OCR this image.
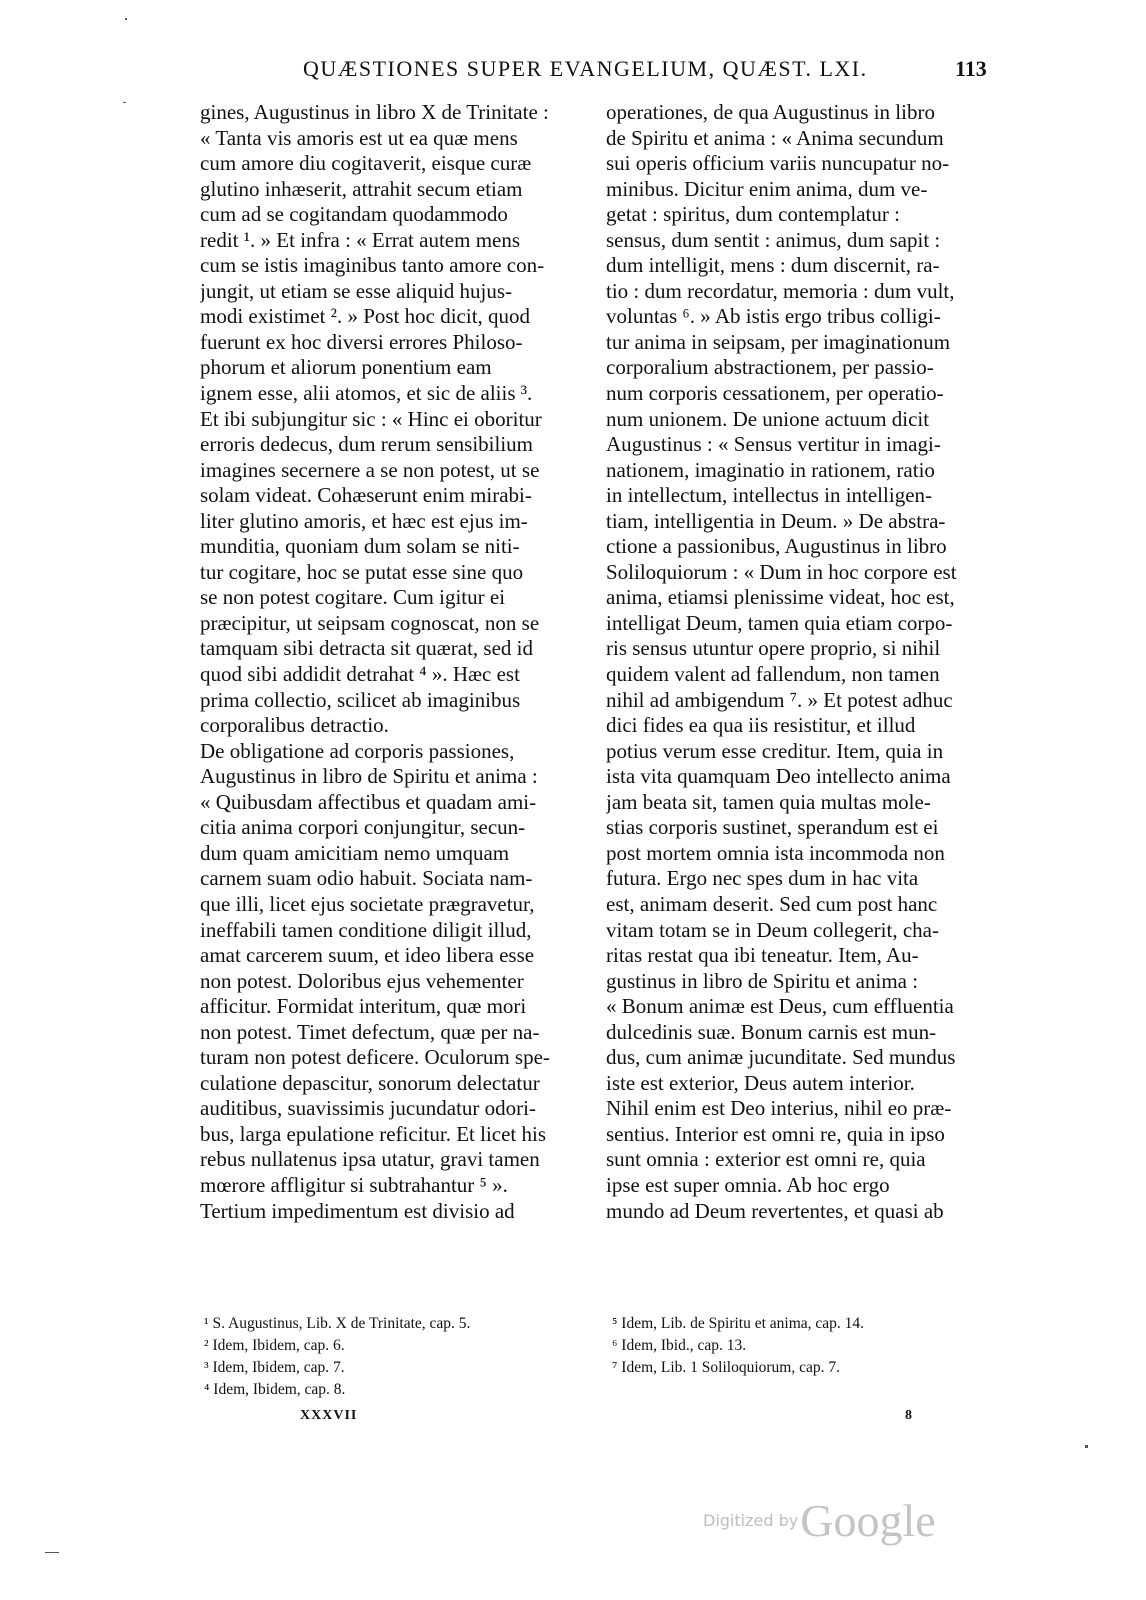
QUÆSTIONES SUPER EVANGELIUM, QUÆST. LXI.	113
gines, Augustinus in libro X de Trinitate :
« Tanta vis amoris est ut ea quæ mens
cum amore diu cogitaverit, eisque curæ
glutino inhæserit, attrahit secum etiam
cum ad se cogitandam quodammodo
redit ¹. » Et infra : « Errat autem mens
cum se istis imaginibus tanto amore con-
jungit, ut etiam se esse aliquid hujus-
modi existimet ². » Post hoc dicit, quod
fuerunt ex hoc diversi errores Philoso-
phorum et aliorum ponentium eam
ignem esse, alii atomos, et sic de aliis ³.
Et ibi subjungitur sic : « Hinc ei oboritur
erroris dedecus, dum rerum sensibilium
imagines secernere a se non potest, ut se
solam videat. Cohæserunt enim mirabi-
liter glutino amoris, et hæc est ejus im-
munditia, quoniam dum solam se niti-
tur cogitare, hoc se putat esse sine quo
se non potest cogitare. Cum igitur ei
præcipitur, ut seipsam cognoscat, non se
tamquam sibi detracta sit quærat, sed id
quod sibi addidit detrahat ⁴ ». Hæc est
prima collectio, scilicet ab imaginibus
corporalibus detractio.
De obligatione ad corporis passiones,
Augustinus in libro de Spiritu et anima :
« Quibusdam affectibus et quadam ami-
citia anima corpori conjungitur, secun-
dum quam amicitiam nemo umquam
carnem suam odio habuit. Sociata nam-
que illi, licet ejus societate prægravetur,
ineffabili tamen conditione diligit illud,
amat carcerem suum, et ideo libera esse
non potest. Doloribus ejus vehementer
afficitur. Formidat interitum, quæ mori
non potest. Timet defectum, quæ per na-
turam non potest deficere. Oculorum spe-
culatione depascitur, sonorum delectatur
auditibus, suavissimis jucundatur odori-
bus, larga epulatione reficitur. Et licet his
rebus nullatenus ipsa utatur, gravi tamen
mœrore affligitur si subtrahantur ⁵ ».
Tertium impedimentum est divisio ad
operationes, de qua Augustinus in libro
de Spiritu et anima : « Anima secundum
sui operis officium variis nuncupatur no-
minibus. Dicitur enim anima, dum ve-
getat : spiritus, dum contemplatur :
sensus, dum sentit : animus, dum sapit :
dum intelligit, mens : dum discernit, ra-
tio : dum recordatur, memoria : dum vult,
voluntas ⁶. » Ab istis ergo tribus colligi-
tur anima in seipsam, per imaginationum
corporalium abstractionem, per passio-
num corporis cessationem, per operatio-
num unionem. De unione actuum dicit
Augustinus : « Sensus vertitur in imagi-
nationem, imaginatio in rationem, ratio
in intellectum, intellectus in intelligen-
tiam, intelligentia in Deum. » De abstra-
ctione a passionibus, Augustinus in libro
Soliloquiorum : « Dum in hoc corpore est
anima, etiamsi plenissime videat, hoc est,
intelligat Deum, tamen quia etiam corpo-
ris sensus utuntur opere proprio, si nihil
quidem valent ad fallendum, non tamen
nihil ad ambigendum ⁷. » Et potest adhuc
dici fides ea qua iis resistitur, et illud
potius verum esse creditur. Item, quia in
ista vita quamquam Deo intellecto anima
jam beata sit, tamen quia multas mole-
stias corporis sustinet, sperandum est ei
post mortem omnia ista incommoda non
futura. Ergo nec spes dum in hac vita
est, animam deserit. Sed cum post hanc
vitam totam se in Deum collegerit, cha-
ritas restat qua ibi teneatur. Item, Au-
gustinus in libro de Spiritu et anima :
« Bonum animæ est Deus, cum effluentia
dulcedinis suæ. Bonum carnis est mun-
dus, cum animæ jucunditate. Sed mundus
iste est exterior, Deus autem interior.
Nihil enim est Deo interius, nihil eo præ-
sentius. Interior est omni re, quia in ipso
sunt omnia : exterior est omni re, quia
ipse est super omnia. Ab hoc ergo
mundo ad Deum revertentes, et quasi ab
¹ S. Augustinus, Lib. X de Trinitate, cap. 5.
² Idem, Ibidem, cap. 6.
³ Idem, Ibidem, cap. 7.
⁴ Idem, Ibidem, cap. 8.
⁵ Idem, Lib. de Spiritu et anima, cap. 14.
⁶ Idem, Ibid., cap. 13.
⁷ Idem, Lib. 1 Soliloquiorum, cap. 7.
XXXVII	8
Digitized by Google
